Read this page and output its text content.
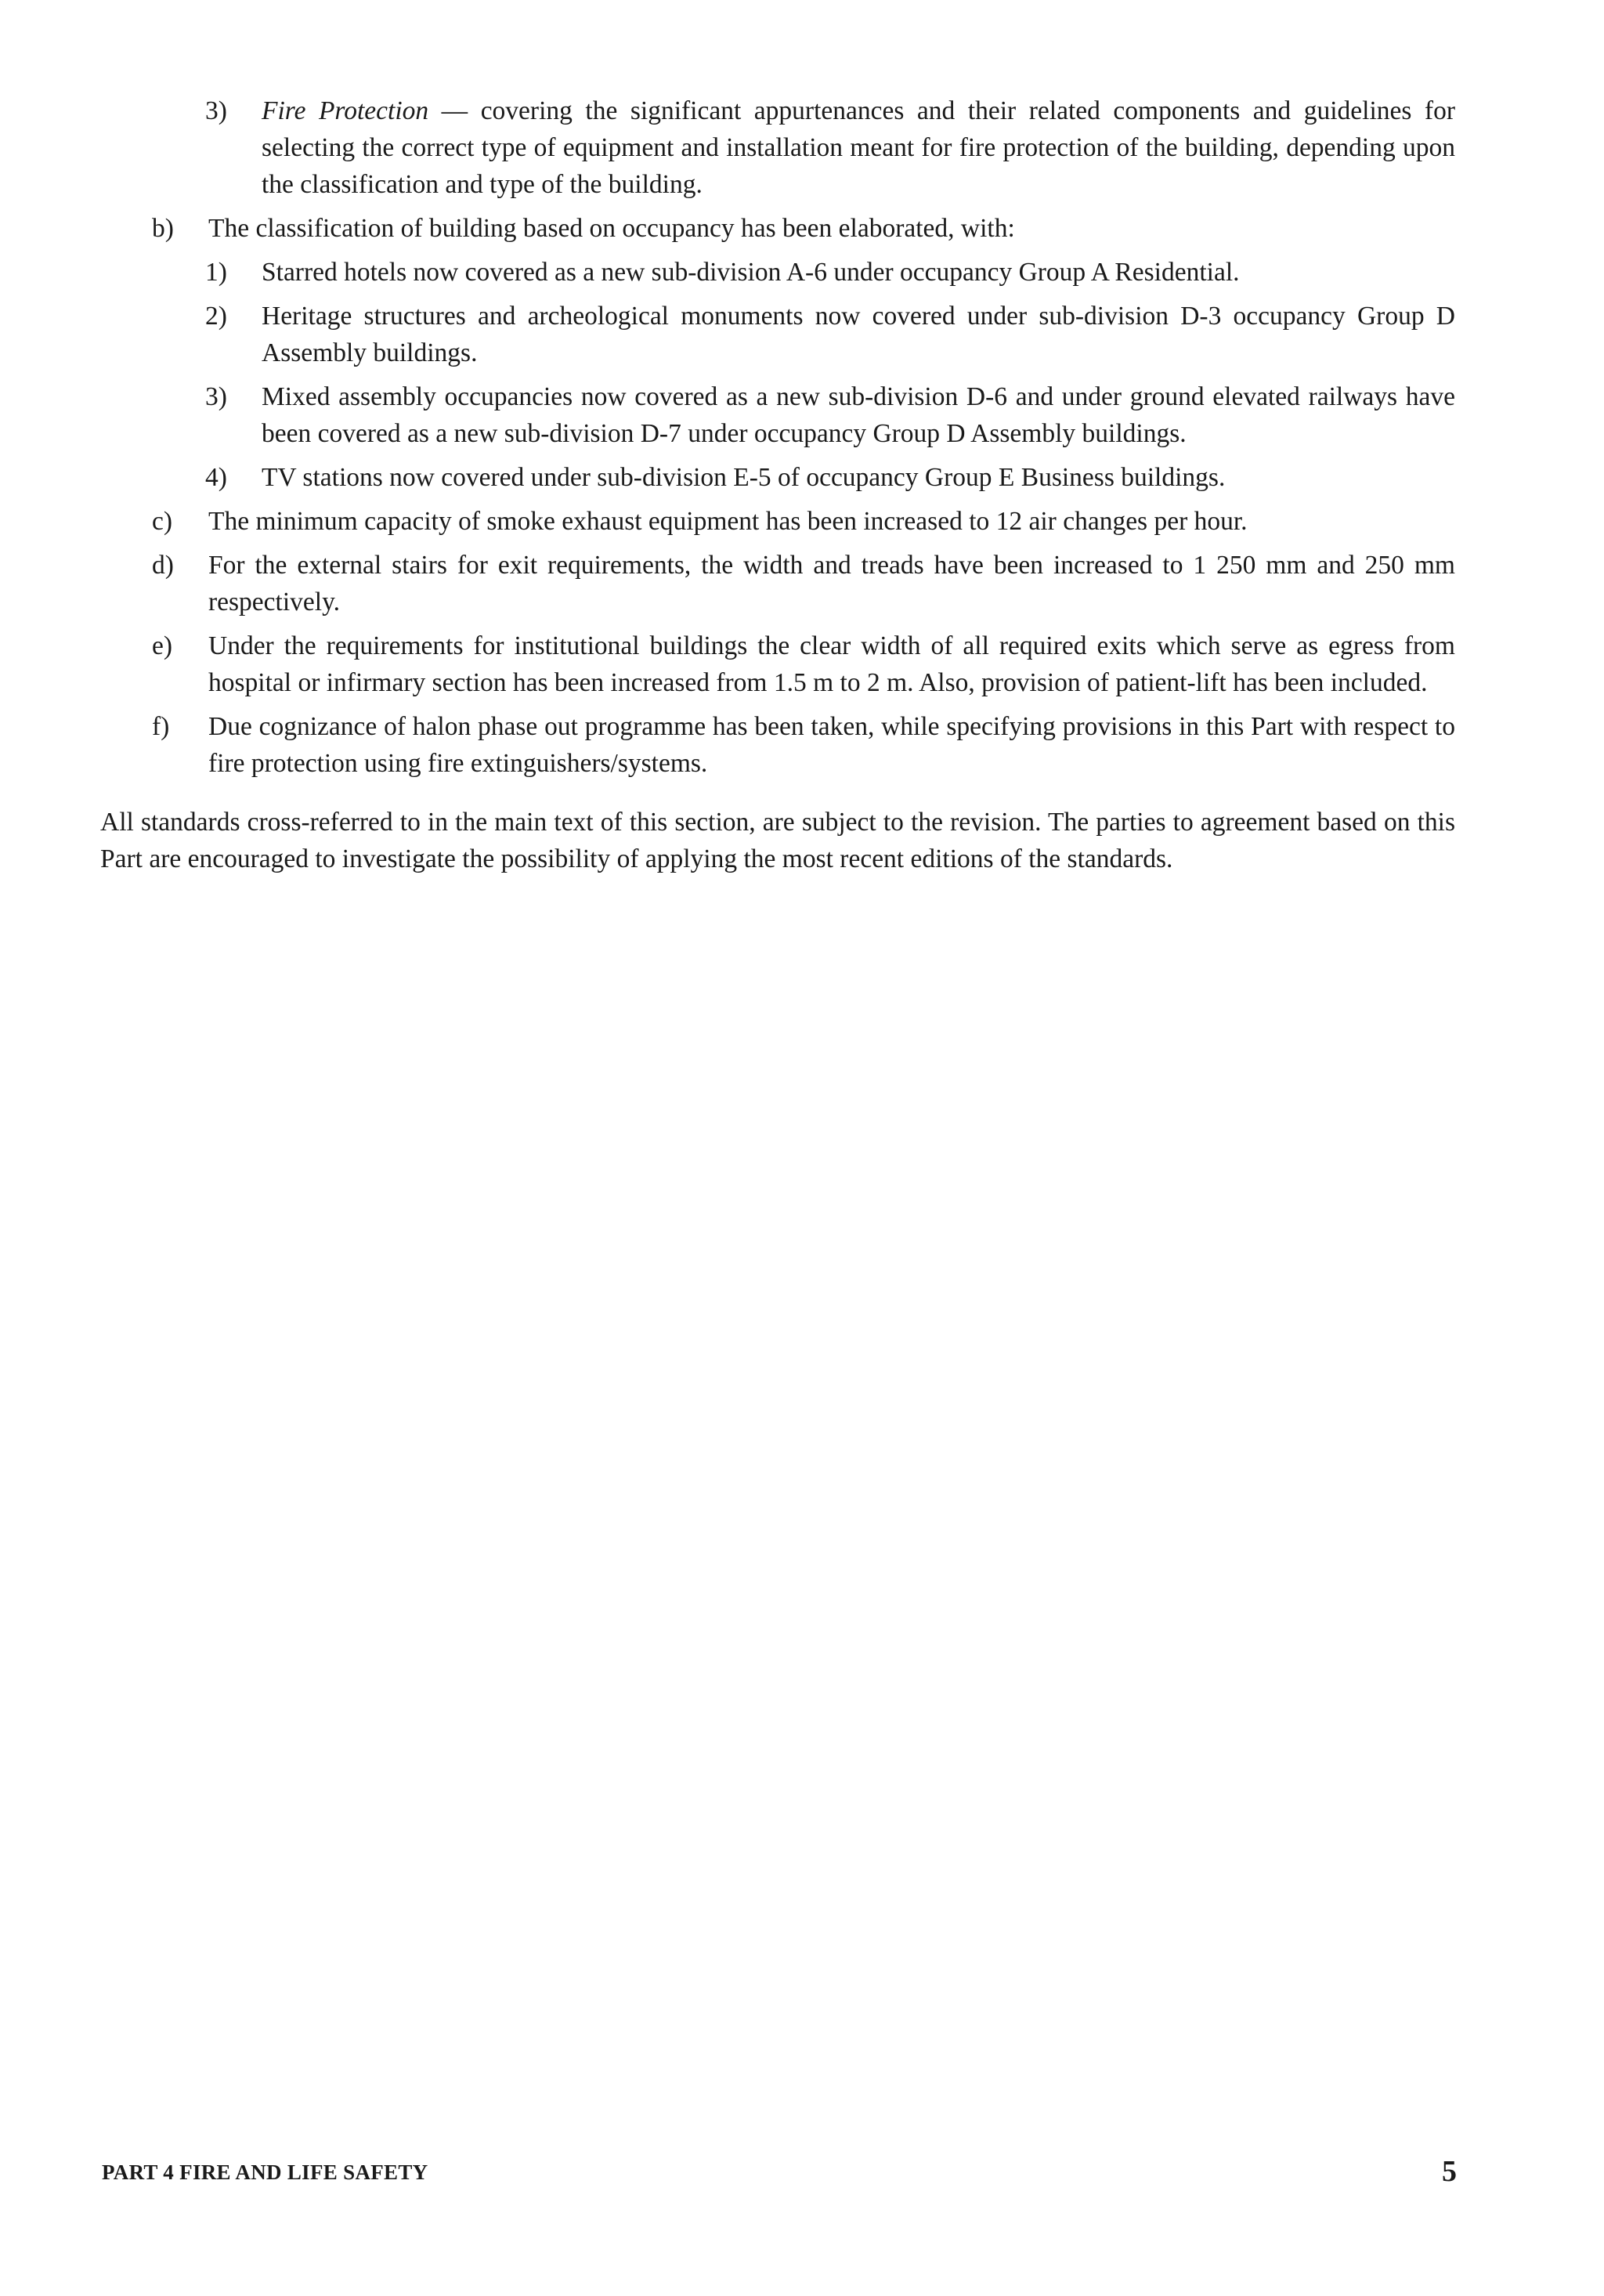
3) Fire Protection — covering the significant appurtenances and their related components and guidelines for selecting the correct type of equipment and installation meant for fire protection of the building, depending upon the classification and type of the building.

b) The classification of building based on occupancy has been elaborated, with:

1) Starred hotels now covered as a new sub-division A-6 under occupancy Group A Residential.

2) Heritage structures and archeological monuments now covered under sub-division D-3 occupancy Group D Assembly buildings.

3) Mixed assembly occupancies now covered as a new sub-division D-6 and under ground elevated railways have been covered as a new sub-division D-7 under occupancy Group D Assembly buildings.

4) TV stations now covered under sub-division E-5 of occupancy Group E Business buildings.

c) The minimum capacity of smoke exhaust equipment has been increased to 12 air changes per hour.

d) For the external stairs for exit requirements, the width and treads have been increased to 1 250 mm and 250 mm respectively.

e) Under the requirements for institutional buildings the clear width of all required exits which serve as egress from hospital or infirmary section has been increased from 1.5 m to 2 m. Also, provision of patient-lift has been included.

f) Due cognizance of halon phase out programme has been taken, while specifying provisions in this Part with respect to fire protection using fire extinguishers/systems.

All standards cross-referred to in the main text of this section, are subject to the revision. The parties to agreement based on this Part are encouraged to investigate the possibility of applying the most recent editions of the standards.

PART 4 FIRE AND LIFE SAFETY	5
